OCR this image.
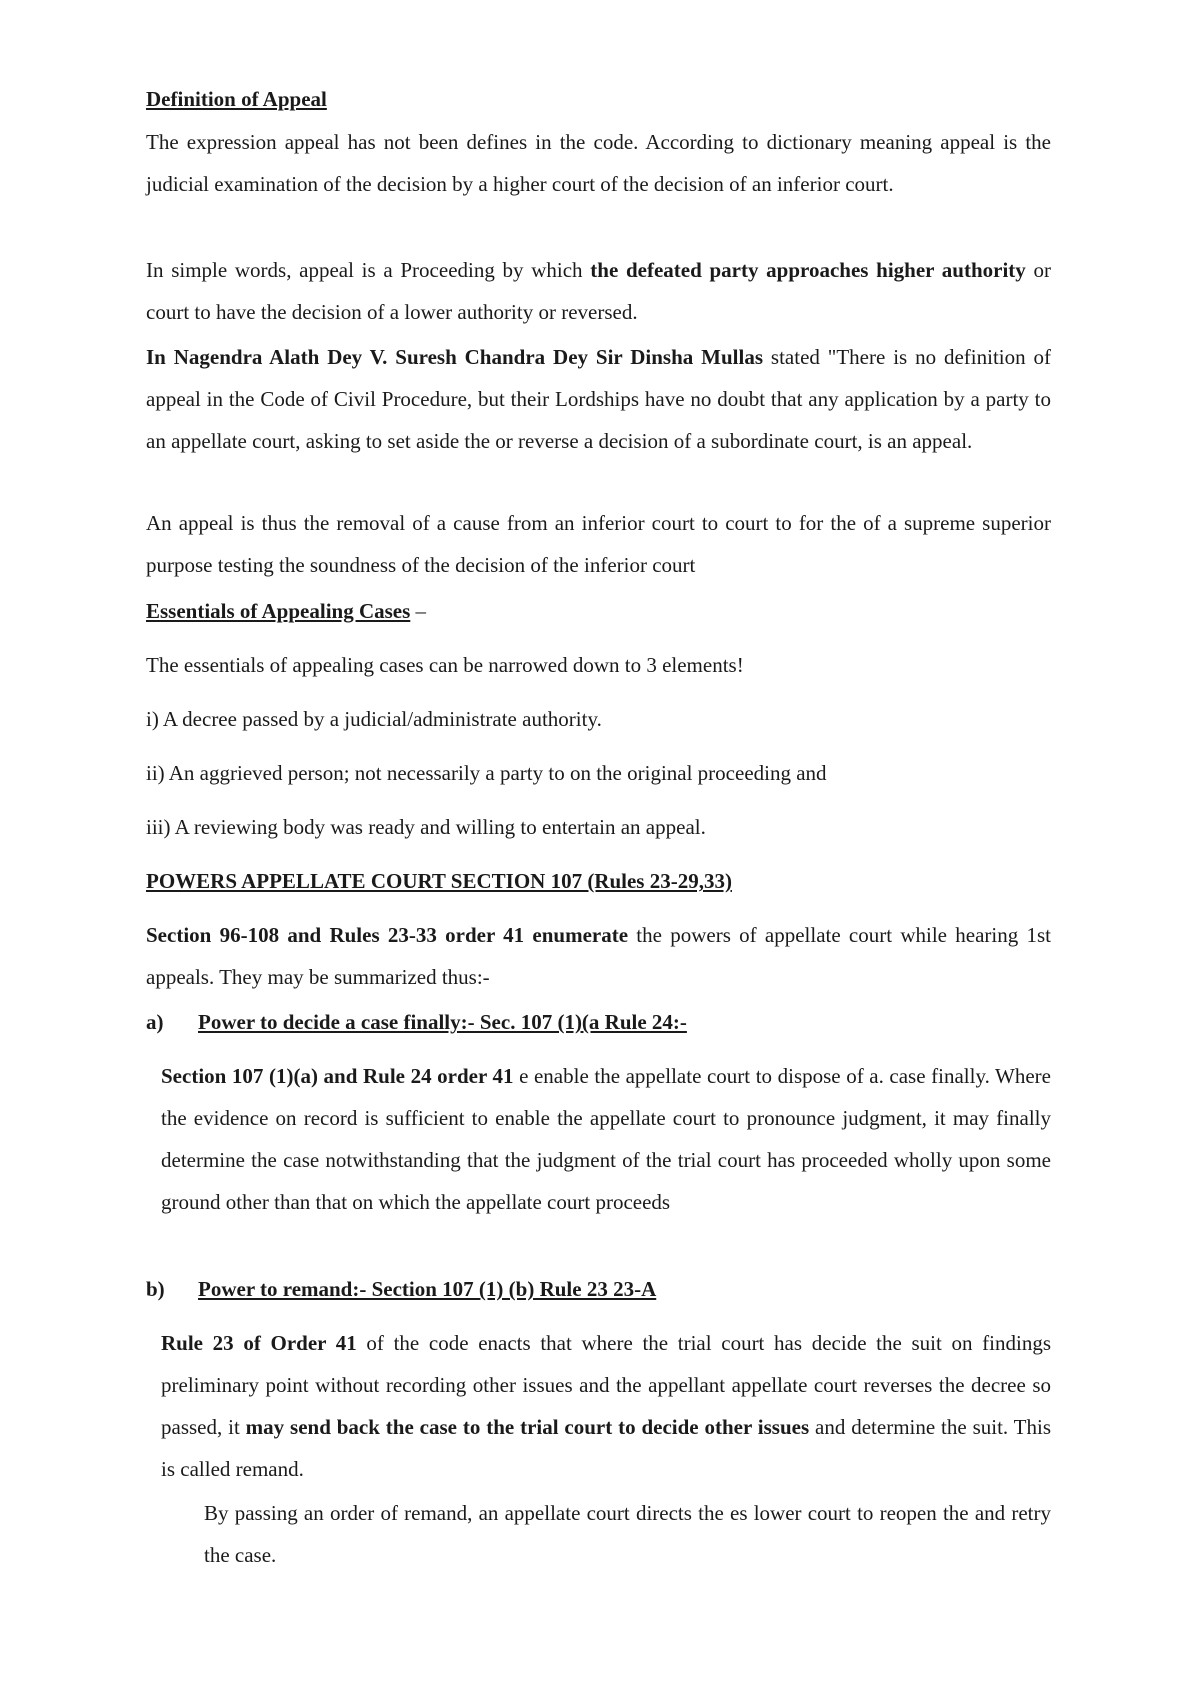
Definition of Appeal

The expression appeal has not been defines in the code. According to dictionary meaning appeal is the judicial examination of the decision by a higher court of the decision of an inferior court.

In simple words, appeal is a Proceeding by which the defeated party approaches higher authority or court to have the decision of a lower authority or reversed.

In Nagendra Alath Dey V. Suresh Chandra Dey Sir Dinsha Mullas stated "There is no definition of appeal in the Code of Civil Procedure, but their Lordships have no doubt that any application by a party to an appellate court, asking to set aside the or reverse a decision of a subordinate court, is an appeal.

An appeal is thus the removal of a cause from an inferior court to court to for the of a supreme superior purpose testing the soundness of the decision of the inferior court

Essentials of Appealing Cases –

The essentials of appealing cases can be narrowed down to 3 elements!

i) A decree passed by a judicial/administrate authority.

ii) An aggrieved person; not necessarily a party to on the original proceeding and

iii) A reviewing body was ready and willing to entertain an appeal.

POWERS APPELLATE COURT SECTION 107 (Rules 23-29,33)

Section 96-108 and Rules 23-33 order 41 enumerate the powers of appellate court while hearing 1st appeals. They may be summarized thus:-

a) Power to decide a case finally:- Sec. 107 (1)(a Rule 24:-

Section 107 (1)(a) and Rule 24 order 41 e enable the appellate court to dispose of a. case finally. Where the evidence on record is sufficient to enable the appellate court to pronounce judgment, it may finally determine the case notwithstanding that the judgment of the trial court has proceeded wholly upon some ground other than that on which the appellate court proceeds

b) Power to remand:- Section 107 (1) (b) Rule 23 23-A

Rule 23 of Order 41 of the code enacts that where the trial court has decide the suit on findings preliminary point without recording other issues and the appellant appellate court reverses the decree so passed, it may send back the case to the trial court to decide other issues and determine the suit. This is called remand.

By passing an order of remand, an appellate court directs the es lower court to reopen the and retry the case.
